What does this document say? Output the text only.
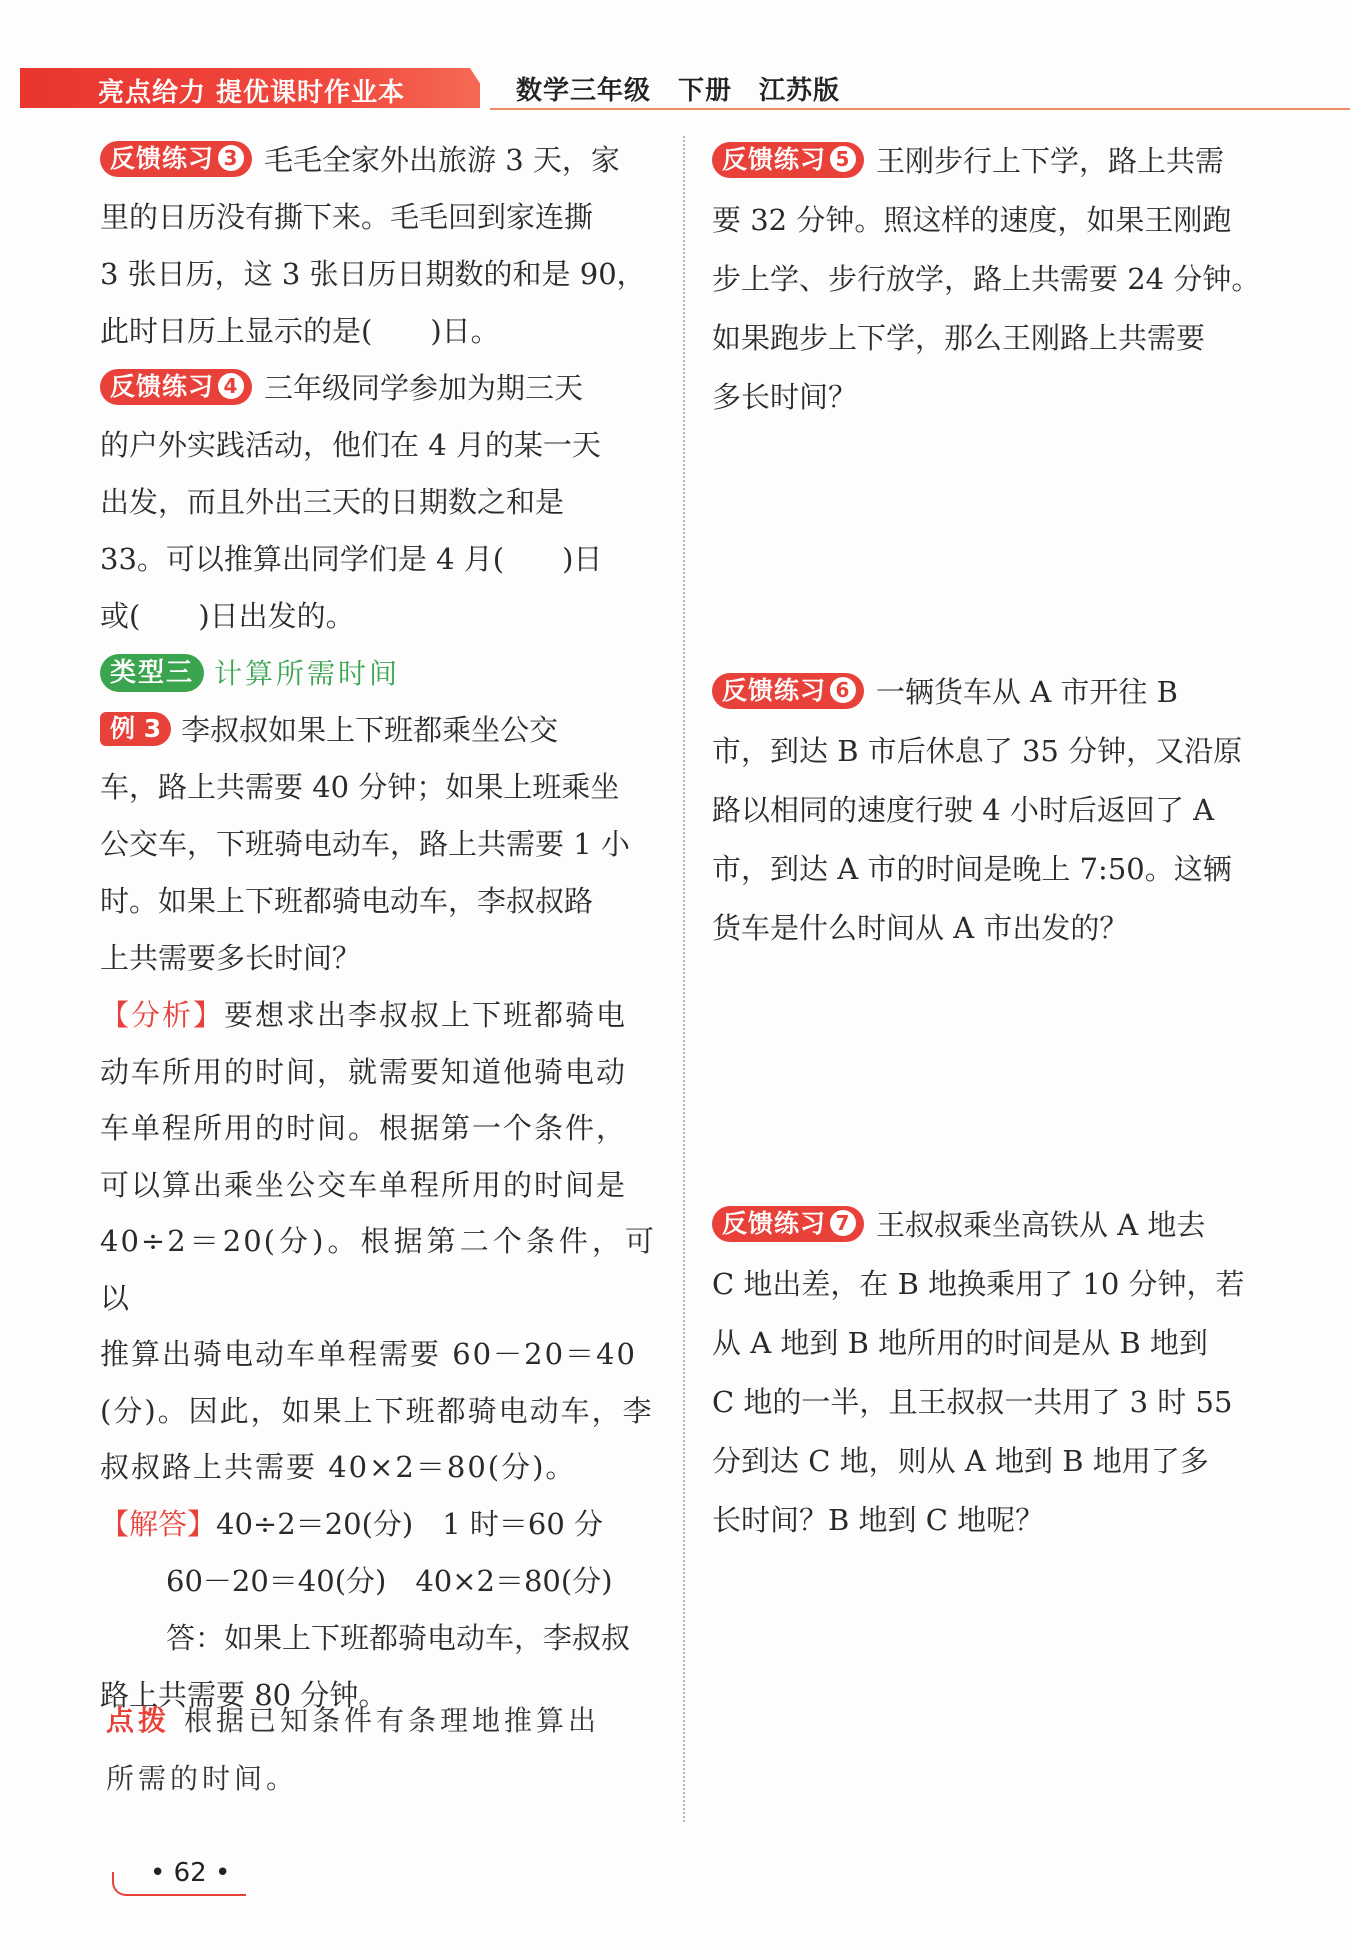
亮点给力 提优课时作业本	数学三年级　下册　江苏版
反馈练习 3 毛毛全家外出旅游 3 天，家
里的日历没有撕下来。毛毛回到家连撕
3 张日历，这 3 张日历日期数的和是 90，
此时日历上显示的是(　　)日。
反馈练习 4 三年级同学参加为期三天
的户外实践活动，他们在 4 月的某一天
出发，而且外出三天的日期数之和是
33。可以推算出同学们是 4 月(　　)日
或(　　)日出发的。
类型三 计算所需时间
例 3 李叔叔如果上下班都乘坐公交
车，路上共需要 40 分钟；如果上班乘坐
公交车，下班骑电动车，路上共需要 1 小
时。如果上下班都骑电动车，李叔叔路
上共需要多长时间？
【分析】要想求出李叔叔上下班都骑电
动车所用的时间，就需要知道他骑电动
车单程所用的时间。根据第一个条件，
可以算出乘坐公交车单程所用的时间是
40÷2＝20(分)。根据第二个条件，可以
推算出骑电动车单程需要 60－20＝40
(分)。因此，如果上下班都骑电动车，李
叔叔路上共需要 40×2＝80(分)。
【解答】40÷2＝20(分)　1 时＝60 分
60－20＝40(分)　40×2＝80(分)
答：如果上下班都骑电动车，李叔叔
路上共需要 80 分钟。
点拨 根据已知条件有条理地推算出
所需的时间。
反馈练习 5 王刚步行上下学，路上共需
要 32 分钟。照这样的速度，如果王刚跑
步上学、步行放学，路上共需要 24 分钟。
如果跑步上下学，那么王刚路上共需要
多长时间？
反馈练习 6 一辆货车从 A 市开往 B
市，到达 B 市后休息了 35 分钟，又沿原
路以相同的速度行驶 4 小时后返回了 A
市，到达 A 市的时间是晚上 7:50。这辆
货车是什么时间从 A 市出发的？
反馈练习 7 王叔叔乘坐高铁从 A 地去
C 地出差，在 B 地换乘用了 10 分钟，若
从 A 地到 B 地所用的时间是从 B 地到
C 地的一半，且王叔叔一共用了 3 时 55
分到达 C 地，则从 A 地到 B 地用了多
长时间？B 地到 C 地呢？
• 62 •
